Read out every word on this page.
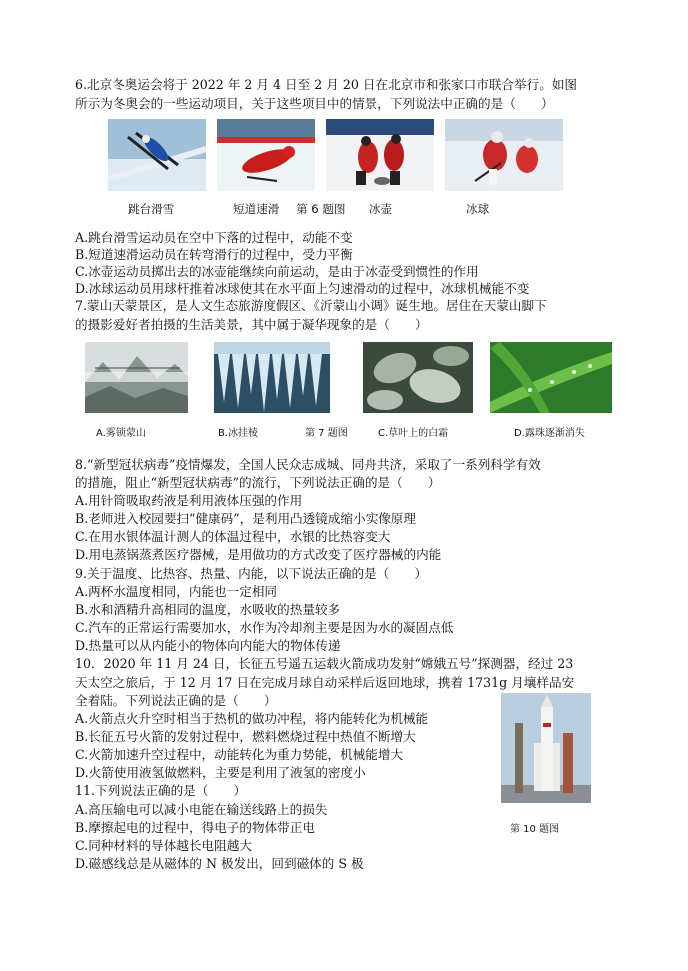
6.北京冬奥运会将于 2022 年 2 月 4 日至 2 月 20 日在北京市和张家口市联合举行。如图
所示为冬奥会的一些运动项目，关于这些项目中的情景，下列说法中正确的是（　　）
跳台滑雪	短道速滑 第 6 题图 冰壶	冰球
A.跳台滑雪运动员在空中下落的过程中，动能不变
B.短道速滑运动员在转弯滑行的过程中，受力平衡
C.冰壶运动员掷出去的冰壶能继续向前运动，是由于冰壶受到惯性的作用
D.冰球运动员用球杆推着冰球使其在水平面上匀速滑动的过程中，冰球机械能不变
7.蒙山天蒙景区，是人文生态旅游度假区、《沂蒙山小调》诞生地。居住在天蒙山脚下
的摄影爱好者拍摄的生活美景，其中属于凝华现象的是（　　）
A.雾锁蒙山	B.冰挂棱	第 7 题图	C.草叶上的白霜	D.露珠逐渐消失
8.“新型冠状病毒”疫情爆发，全国人民众志成城、同舟共济，采取了一系列科学有效
的措施，阻止“新型冠状病毒”的流行，下列说法正确的是（　　）
A.用针筒吸取药液是利用液体压强的作用
B.老师进入校园要扫“健康码”，是利用凸透镜成缩小实像原理
C.在用水银体温计测人的体温过程中，水银的比热容变大
D.用电蒸锅蒸煮医疗器械，是用做功的方式改变了医疗器械的内能
9.关于温度、比热容、热量、内能，以下说法正确的是（　　）
A.两杯水温度相同，内能也一定相同
B.水和酒精升高相同的温度，水吸收的热量较多
C.汽车的正常运行需要加水，水作为冷却剂主要是因为水的凝固点低
D.热量可以从内能小的物体向内能大的物体传递
10．2020 年 11 月 24 日，长征五号遥五运载火箭成功发射“嫦娥五号”探测器，经过 23
天太空之旅后，于 12 月 17 日在完成月球自动采样后返回地球，携着 1731g 月壤样品安
全着陆。下列说法正确的是（　　）
A.火箭点火升空时相当于热机的做功冲程，将内能转化为机械能
B.长征五号火箭的发射过程中，燃料燃烧过程中热值不断增大
C.火箭加速升空过程中，动能转化为重力势能，机械能增大
D.火箭使用液氢做燃料，主要是利用了液氢的密度小
第 10 题图
11.下列说法正确的是（　　）
A.高压输电可以减小电能在输送线路上的损失
B.摩擦起电的过程中，得电子的物体带正电
C.同种材料的导体越长电阻越大
D.磁感线总是从磁体的 N 极发出，回到磁体的 S 极
